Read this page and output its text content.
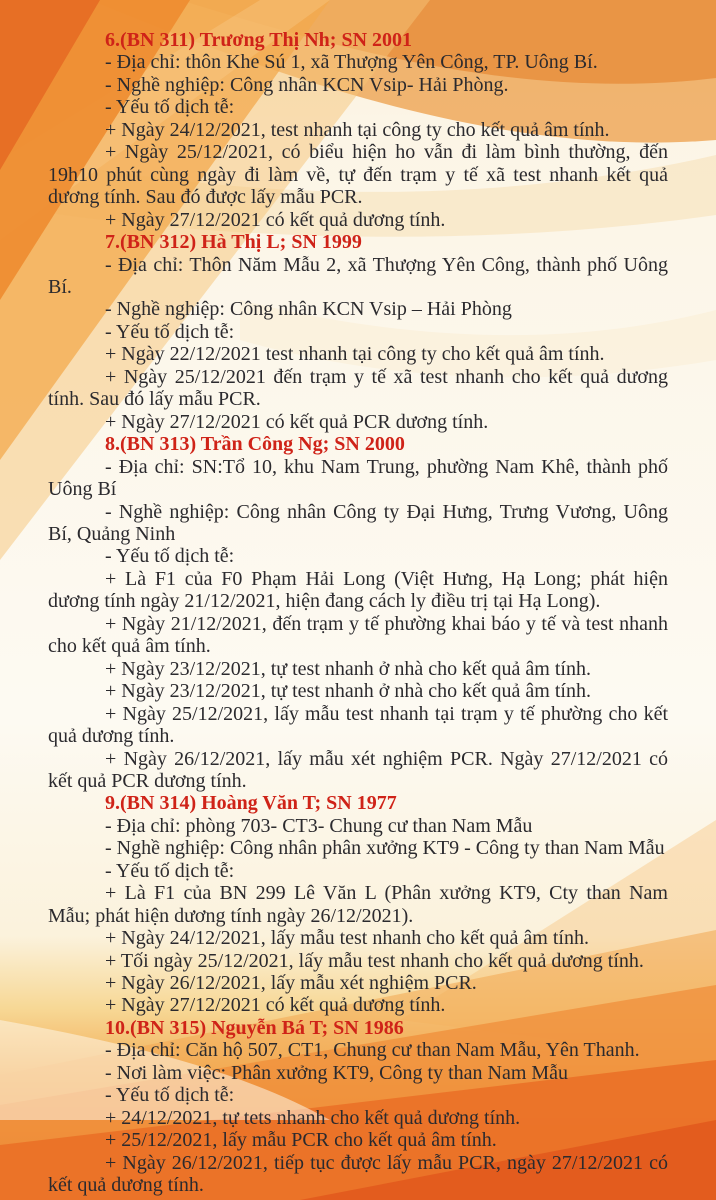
6.(BN 311) Trương Thị Nh; SN 2001

- Địa chỉ: thôn Khe Sú 1, xã Thượng Yên Công, TP. Uông Bí.

- Nghề nghiệp: Công nhân KCN Vsip- Hải Phòng.

- Yếu tố dịch tễ:

+ Ngày 24/12/2021, test nhanh tại công ty cho kết quả âm tính.

+ Ngày 25/12/2021, có biểu hiện ho vẫn đi làm bình thường, đến 19h10 phút cùng ngày đi làm về, tự đến trạm y tế xã test nhanh kết quả dương tính. Sau đó được lấy mẫu PCR.

+ Ngày 27/12/2021 có kết quả dương tính.

7.(BN 312) Hà Thị L; SN 1999

- Địa chỉ: Thôn Năm Mẫu 2, xã Thượng Yên Công, thành phố Uông Bí.

- Nghề nghiệp: Công nhân KCN Vsip – Hải Phòng

- Yếu tố dịch tễ:

+ Ngày 22/12/2021 test nhanh tại công ty cho kết quả âm tính.

+ Ngày 25/12/2021 đến trạm y tế xã test nhanh cho kết quả dương tính. Sau đó lấy mẫu PCR.

+ Ngày 27/12/2021 có kết quả PCR dương tính.

8.(BN 313) Trần Công Ng; SN 2000

- Địa chỉ: SN:Tổ 10, khu Nam Trung, phường Nam Khê, thành phố Uông Bí

- Nghề nghiệp: Công nhân Công ty Đại Hưng, Trưng Vương, Uông Bí, Quảng Ninh

- Yếu tố dịch tễ:

+ Là F1 của F0 Phạm Hải Long (Việt Hưng, Hạ Long; phát hiện dương tính ngày 21/12/2021, hiện đang cách ly điều trị tại Hạ Long).

+ Ngày 21/12/2021, đến trạm y tế phường khai báo y tế và test nhanh cho kết quả âm tính.

+ Ngày 23/12/2021, tự test nhanh ở nhà cho kết quả âm tính.

+ Ngày 23/12/2021, tự test nhanh ở nhà cho kết quả âm tính.

+ Ngày 25/12/2021, lấy mẫu test nhanh tại trạm y tế phường cho kết quả dương tính.

+ Ngày 26/12/2021, lấy mẫu xét nghiệm PCR. Ngày 27/12/2021 có kết quả PCR dương tính.

9.(BN 314) Hoàng Văn T; SN 1977

- Địa chỉ: phòng 703- CT3- Chung cư than Nam Mẫu

- Nghề nghiệp: Công nhân phân xưởng KT9 - Công ty than Nam Mẫu

- Yếu tố dịch tễ:

+ Là F1 của BN 299 Lê Văn L (Phân xưởng KT9, Cty than Nam Mẫu; phát hiện dương tính ngày 26/12/2021).

+ Ngày 24/12/2021, lấy mẫu test nhanh cho kết quả âm tính.

+ Tối ngày 25/12/2021, lấy mẫu test nhanh cho kết quả dương tính.

+ Ngày 26/12/2021, lấy mẫu xét nghiệm PCR.

+ Ngày 27/12/2021 có kết quả dương tính.

10.(BN 315) Nguyễn Bá T; SN 1986

- Địa chỉ: Căn hộ 507, CT1, Chung cư than Nam Mẫu, Yên Thanh.

- Nơi làm việc: Phân xưởng KT9, Công ty than Nam Mẫu

- Yếu tố dịch tễ:

+ 24/12/2021, tự tets nhanh cho kết quả dương tính.

+ 25/12/2021, lấy mẫu PCR cho kết quả âm tính.

+ Ngày 26/12/2021, tiếp tục được lấy mẫu PCR, ngày 27/12/2021 có kết quả dương tính.
